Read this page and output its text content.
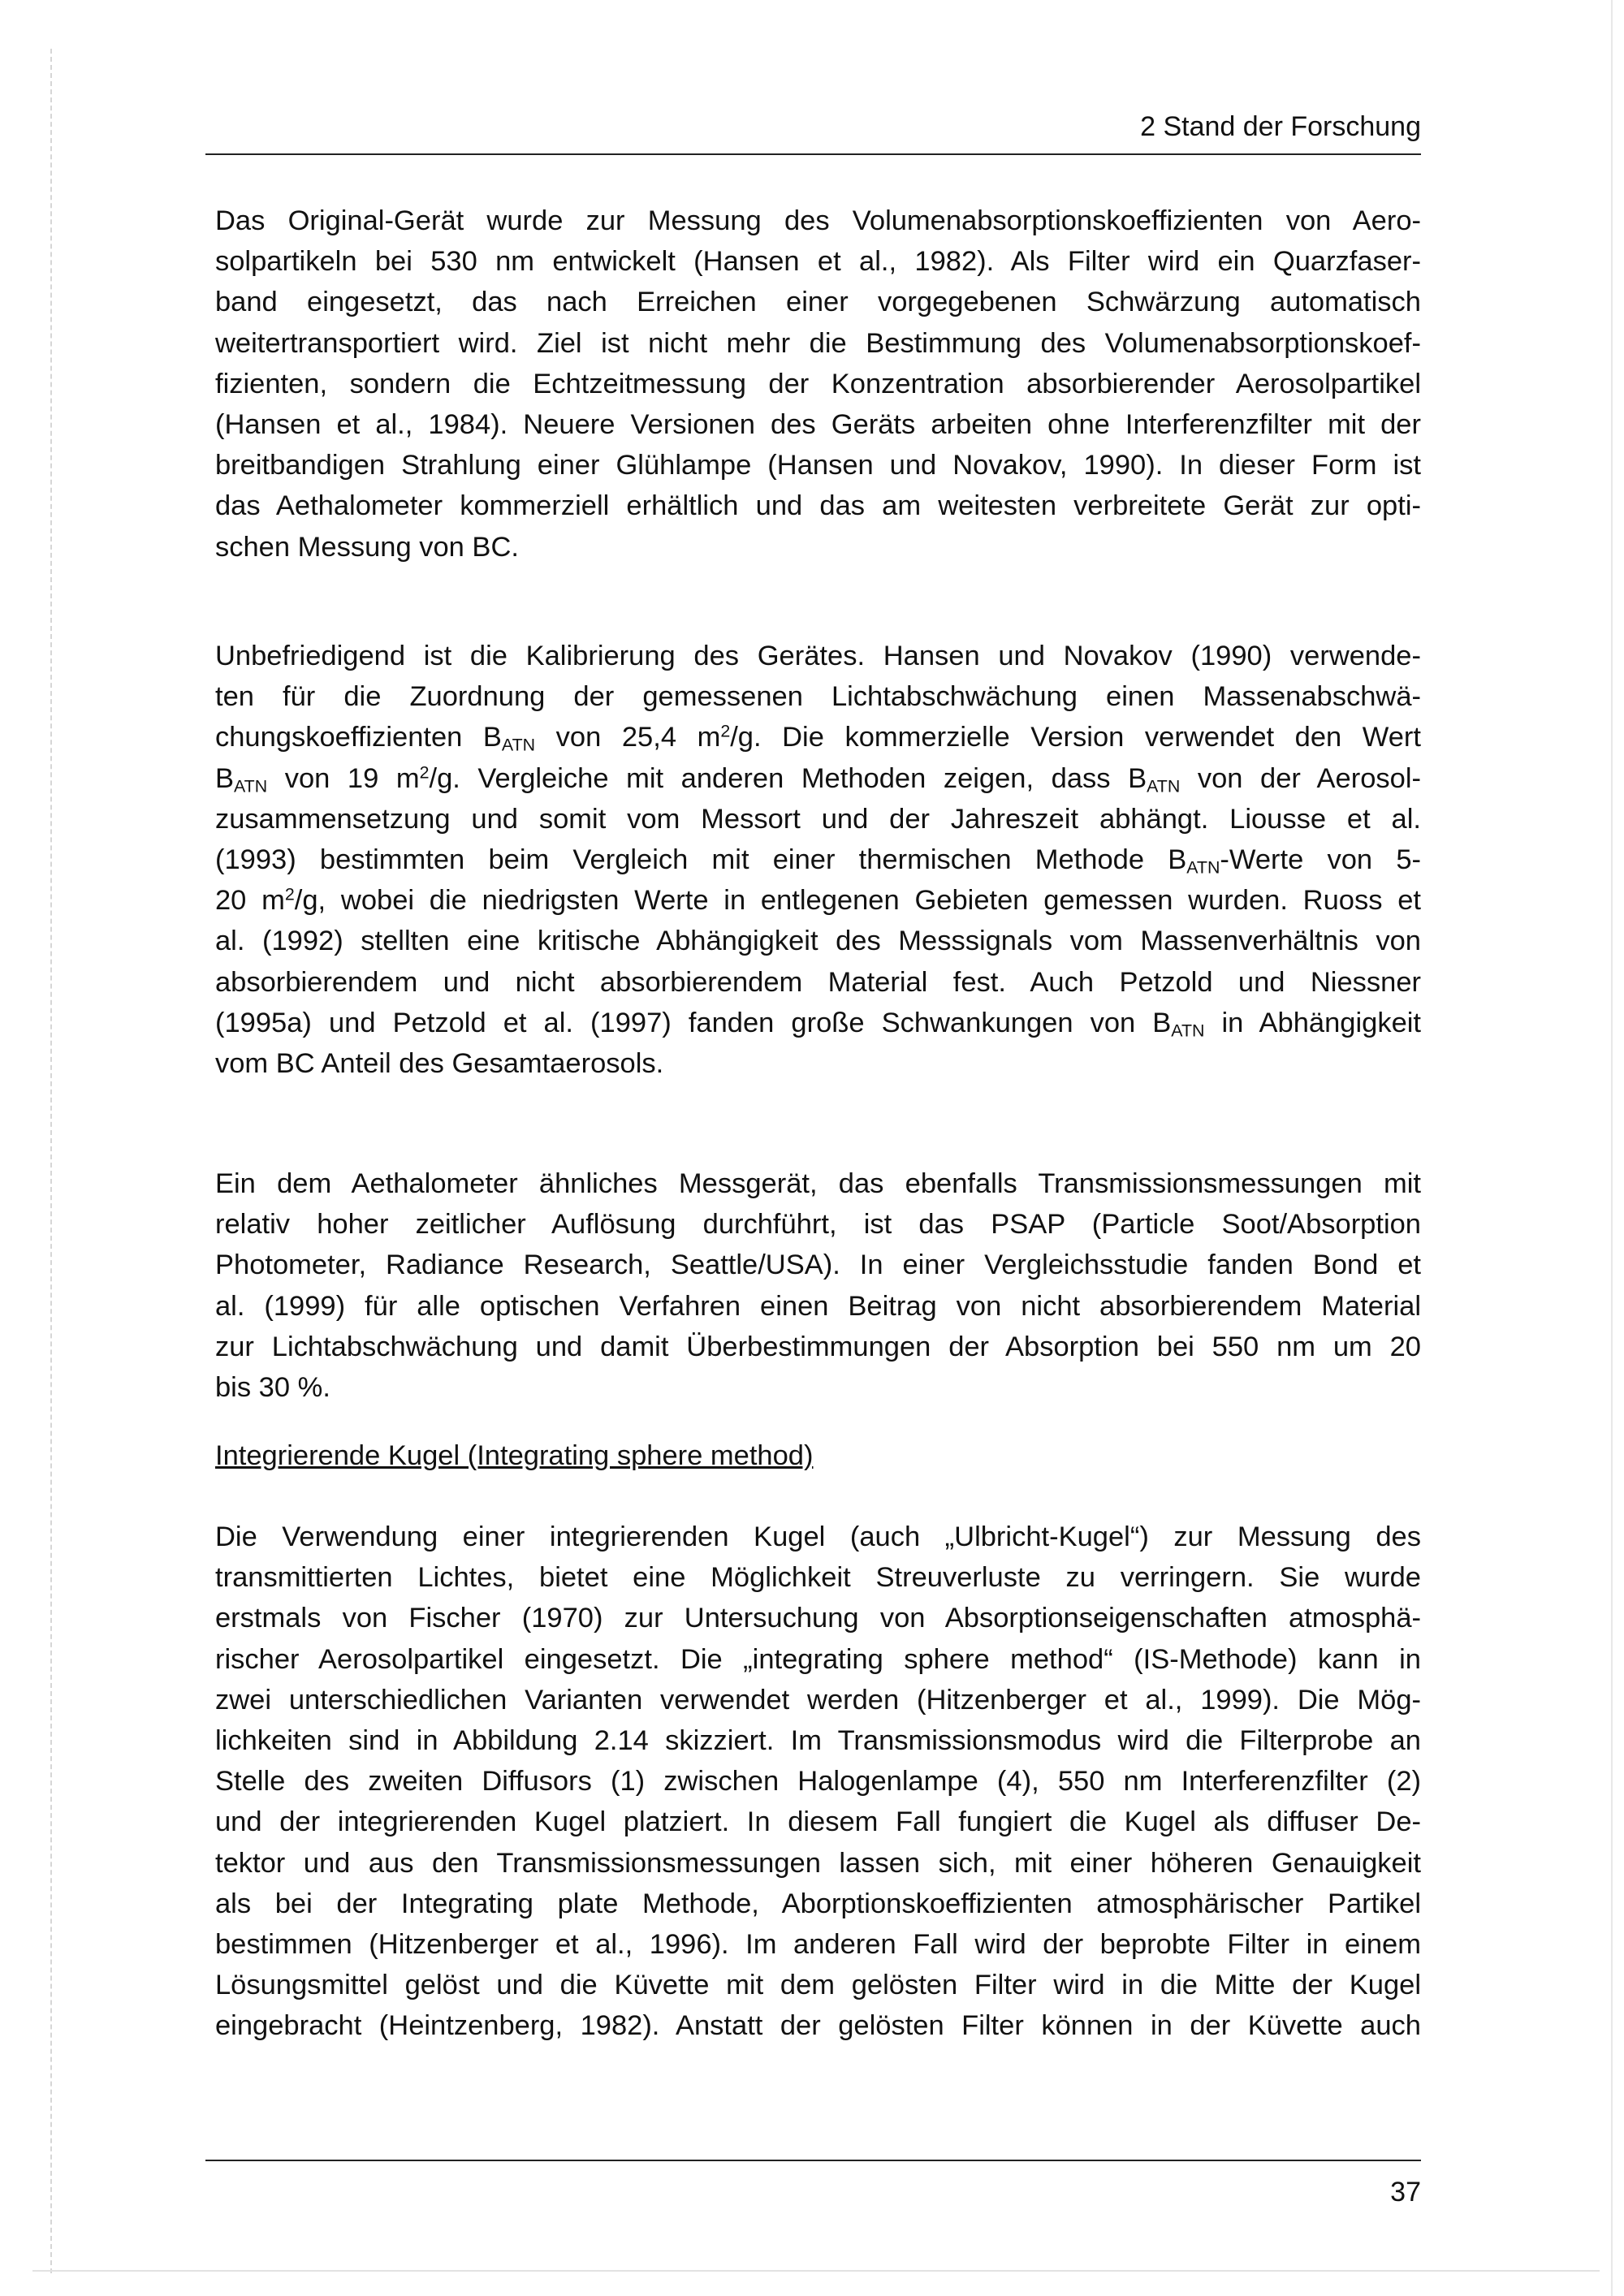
2 Stand der Forschung

Das Original-Gerät wurde zur Messung des Volumenabsorptionskoeffizienten von Aero-
solpartikeln bei 530 nm entwickelt (Hansen et al., 1982). Als Filter wird ein Quarzfaser-
band eingesetzt, das nach Erreichen einer vorgegebenen Schwärzung automatisch
weitertransportiert wird. Ziel ist nicht mehr die Bestimmung des Volumenabsorptionskoef-
fizienten, sondern die Echtzeitmessung der Konzentration absorbierender Aerosolpartikel
(Hansen et al., 1984). Neuere Versionen des Geräts arbeiten ohne Interferenzfilter mit der
breitbandigen Strahlung einer Glühlampe (Hansen und Novakov, 1990). In dieser Form ist
das Aethalometer kommerziell erhältlich und das am weitesten verbreitete Gerät zur opti-
schen Messung von BC.

Unbefriedigend ist die Kalibrierung des Gerätes. Hansen und Novakov (1990) verwende-
ten für die Zuordnung der gemessenen Lichtabschwächung einen Massenabschwä-
chungskoeffizienten $B_{ATN}$ von 25,4 $m^2/g$. Die kommerzielle Version verwendet den Wert
$B_{ATN}$ von 19 $m^2/g$. Vergleiche mit anderen Methoden zeigen, dass $B_{ATN}$ von der Aerosol-
zusammensetzung und somit vom Messort und der Jahreszeit abhängt. Liousse et al.
(1993) bestimmten beim Vergleich mit einer thermischen Methode $B_{ATN}$-Werte von 5-
20 $m^2/g$, wobei die niedrigsten Werte in entlegenen Gebieten gemessen wurden. Ruoss et
al. (1992) stellten eine kritische Abhängigkeit des Messsignals vom Massenverhältnis von
absorbierendem und nicht absorbierendem Material fest. Auch Petzold und Niessner
(1995a) und Petzold et al. (1997) fanden große Schwankungen von $B_{ATN}$ in Abhängigkeit
vom BC Anteil des Gesamtaerosols.

Ein dem Aethalometer ähnliches Messgerät, das ebenfalls Transmissionsmessungen mit
relativ hoher zeitlicher Auflösung durchführt, ist das PSAP (Particle Soot/Absorption
Photometer, Radiance Research, Seattle/USA). In einer Vergleichsstudie fanden Bond et
al. (1999) für alle optischen Verfahren einen Beitrag von nicht absorbierendem Material
zur Lichtabschwächung und damit Überbestimmungen der Absorption bei 550 nm um 20
bis 30 %.

Integrierende Kugel (Integrating sphere method)

Die Verwendung einer integrierenden Kugel (auch „Ulbricht-Kugel“) zur Messung des
transmittierten Lichtes, bietet eine Möglichkeit Streuverluste zu verringern. Sie wurde
erstmals von Fischer (1970) zur Untersuchung von Absorptionseigenschaften atmosphä-
rischer Aerosolpartikel eingesetzt. Die „integrating sphere method“ (IS-Methode) kann in
zwei unterschiedlichen Varianten verwendet werden (Hitzenberger et al., 1999). Die Mög-
lichkeiten sind in Abbildung 2.14 skizziert. Im Transmissionsmodus wird die Filterprobe an
Stelle des zweiten Diffusors (1) zwischen Halogenlampe (4), 550 nm Interferenzfilter (2)
und der integrierenden Kugel platziert. In diesem Fall fungiert die Kugel als diffuser De-
tektor und aus den Transmissionsmessungen lassen sich, mit einer höheren Genauigkeit
als bei der Integrating plate Methode, Aborptionskoeffizienten atmosphärischer Partikel
bestimmen (Hitzenberger et al., 1996). Im anderen Fall wird der beprobte Filter in einem
Lösungsmittel gelöst und die Küvette mit dem gelösten Filter wird in die Mitte der Kugel
eingebracht (Heintzenberg, 1982). Anstatt der gelösten Filter können in der Küvette auch

37
